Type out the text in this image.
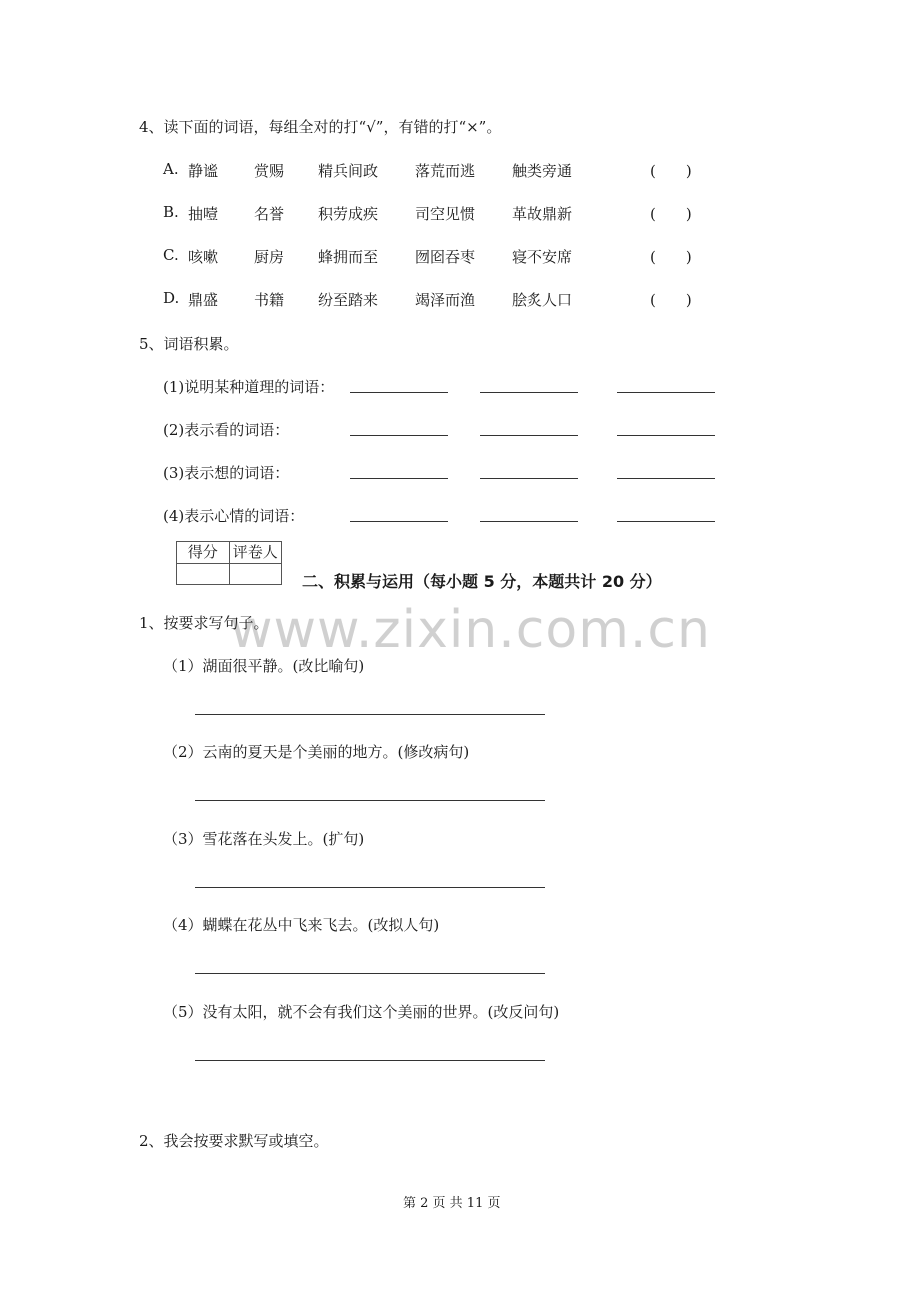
4、读下面的词语，每组全对的打“√”，有错的打“×”。
A. 静谧 赏赐 精兵间政 落荒而逃 触类旁通	(　　)
B. 抽噎 名誉 积劳成疾 司空见惯 革故鼎新	(　　)
C. 咳嗽 厨房 蜂拥而至 囫囵吞枣 寝不安席	(　　)
D. 鼎盛 书籍 纷至踏来 竭泽而渔 脍炙人口	(　　)
5、词语积累。
(1)说明某种道理的词语：
(2)表示看的词语：
(3)表示想的词语：
(4)表示心情的词语：
得分	评卷人

二、积累与运用（每小题 5 分，本题共计 20 分）
www.zixin.com.cn
1、按要求写句子。
（1）湖面很平静。(改比喻句)
（2）云南的夏天是个美丽的地方。(修改病句)
（3）雪花落在头发上。(扩句)
（4）蝴蝶在花丛中飞来飞去。(改拟人句)
（5）没有太阳，就不会有我们这个美丽的世界。(改反问句)
2、我会按要求默写或填空。
第 2 页 共 11 页
